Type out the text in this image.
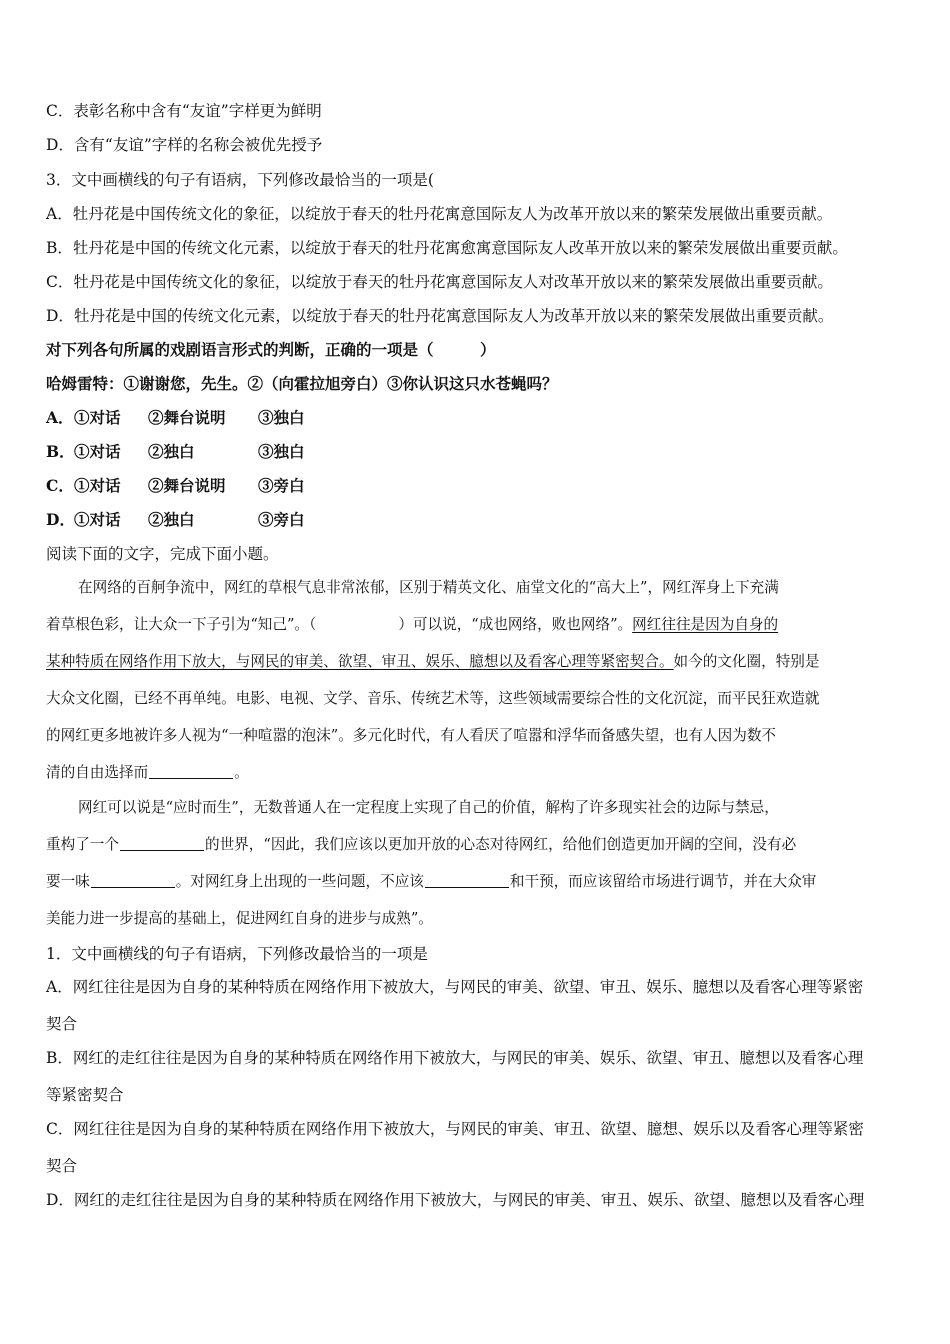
C．表彰名称中含有“友谊”字样更为鲜明
D．含有“友谊”字样的名称会被优先授予
3．文中画横线的句子有语病，下列修改最恰当的一项是(
A．牡丹花是中国传统文化的象征，以绽放于春天的牡丹花寓意国际友人为改革开放以来的繁荣发展做出重要贡献。
B．牡丹花是中国的传统文化元素，以绽放于春天的牡丹花寓愈寓意国际友人改革开放以来的繁荣发展做出重要贡献。
C．牡丹花是中国传统文化的象征，以绽放于春天的牡丹花寓意国际友人对改革开放以来的繁荣发展做出重要贡献。
D．牡丹花是中国的传统文化元素，以绽放于春天的牡丹花寓意国际友人为改革开放以来的繁荣发展做出重要贡献。
对下列各句所属的戏剧语言形式的判断，正确的一项是（　　　）
哈姆雷特：①谢谢您，先生。②（向霍拉旭旁白）③你认识这只水苍蝇吗？
A．①对话 ②舞台说明 ③独白
B．①对话 ②独白	③独白
C．①对话 ②舞台说明 ③旁白
D．①对话 ②独白	③旁白
阅读下面的文字，完成下面小题。
在网络的百舸争流中，网红的草根气息非常浓郁，区别于精英文化、庙堂文化的“高大上”，网红浑身上下充满
着草根色彩，让大众一下子引为“知己”。（	）可以说，“成也网络，败也网络”。网红往往是因为自身的
某种特质在网络作用下放大，与网民的审美、欲望、审丑、娱乐、臆想以及看客心理等紧密契合。如今的文化圈，特别是
大众文化圈，已经不再单纯。电影、电视、文学、音乐、传统艺术等，这些领域需要综合性的文化沉淀，而平民狂欢造就
的网红更多地被许多人视为“一种喧嚣的泡沫”。多元化时代，有人看厌了喧嚣和浮华而备感失望，也有人因为数不
清的自由选择而	。
网红可以说是“应时而生”，无数普通人在一定程度上实现了自己的价值，解构了许多现实社会的边际与禁忌，
重构了一个	的世界，“因此，我们应该以更加开放的心态对待网红，给他们创造更加开阔的空间，没有必
要一味	。对网红身上出现的一些问题，不应该	和干预，而应该留给市场进行调节，并在大众审
美能力进一步提高的基础上，促进网红自身的进步与成熟”。
1．文中画横线的句子有语病，下列修改最恰当的一项是
A．网红往往是因为自身的某种特质在网络作用下被放大，与网民的审美、欲望、审丑、娱乐、臆想以及看客心理等紧密
契合
B．网红的走红往往是因为自身的某种特质在网络作用下被放大，与网民的审美、娱乐、欲望、审丑、臆想以及看客心理
等紧密契合
C．网红往往是因为自身的某种特质在网络作用下被放大，与网民的审美、审丑、欲望、臆想、娱乐以及看客心理等紧密
契合
D．网红的走红往往是因为自身的某种特质在网络作用下被放大，与网民的审美、审丑、娱乐、欲望、臆想以及看客心理
